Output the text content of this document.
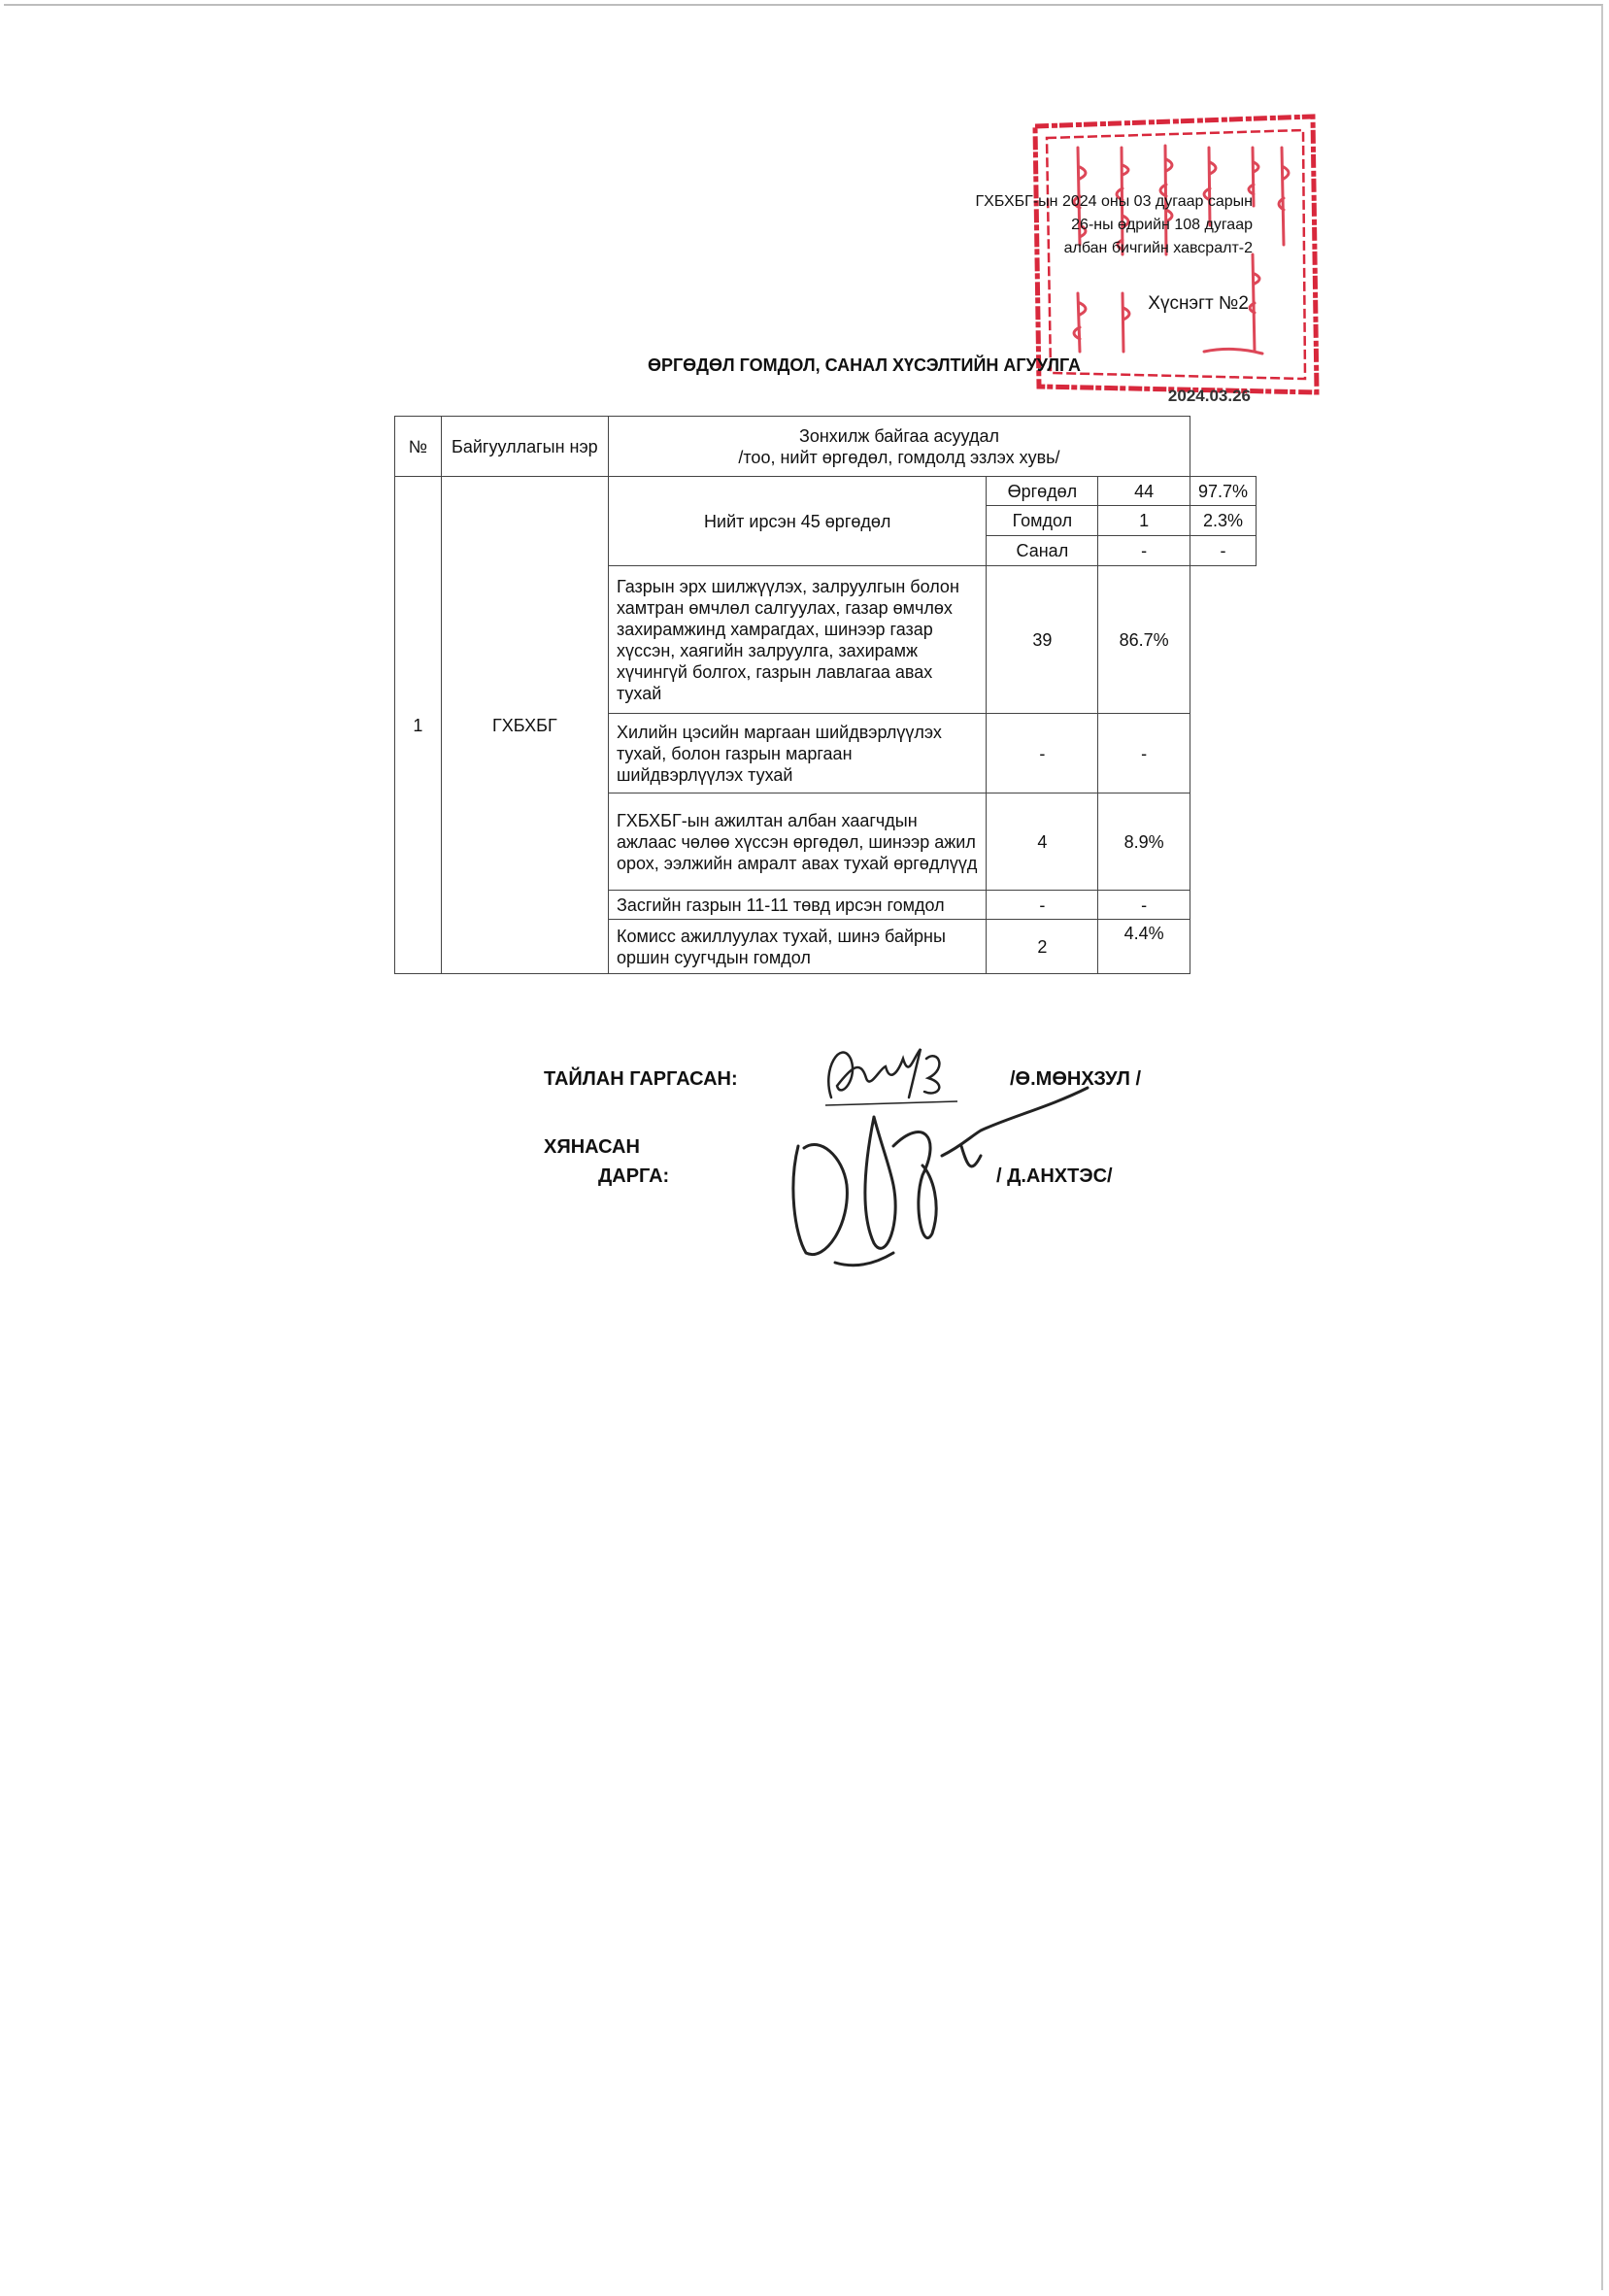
ГХБХБГ-ын 2024 оны 03 дугаар сарын
26-ны өдрийн 108 дугаар
албан бичгийн хавсралт-2
Хүснэгт №2
ӨРГӨДӨЛ ГОМДОЛ, САНАЛ ХҮСЭЛТИЙН АГУУЛГА
2024.03.26
№	Байгууллагын нэр	Зонхилж байгаа асуудал
/тоо, нийт өргөдөл, гомдолд эзлэх хувь/			

1	ГХБХБГ	Нийт ирсэн 45 өргөдөл	Өргөдөл	44	97.7%
			Гомдол	1	2.3%
			Санал	-	-
		Газрын эрх шилжүүлэх, залруулгын болон хамтран өмчлөл салгуулах, газар өмчлөх захирамжинд хамрагдах, шинээр газар хүссэн, хаягийн залруулга, захирамж хүчингүй болгох, газрын лавлагаа авах тухай	39	86.7%	
		Хилийн цэсийн маргаан шийдвэрлүүлэх тухай, болон газрын маргаан шийдвэрлүүлэх тухай	-	-	
		ГХБХБГ-ын ажилтан албан хаагчдын ажлаас чөлөө хүссэн өргөдөл, шинээр ажил орох, ээлжийн амралт авах тухай өргөдлүүд	4	8.9%	
		Засгийн газрын 11-11 төвд ирсэн гомдол	-	-	
		Комисс ажиллуулах тухай, шинэ байрны оршин суугчдын гомдол	2	4.4%	
ТАЙЛАН ГАРГАСАН:	/Ө.МӨНХЗУЛ /
ХЯНАСАН
ДАРГА:	/ Д.АНХТЭС/
